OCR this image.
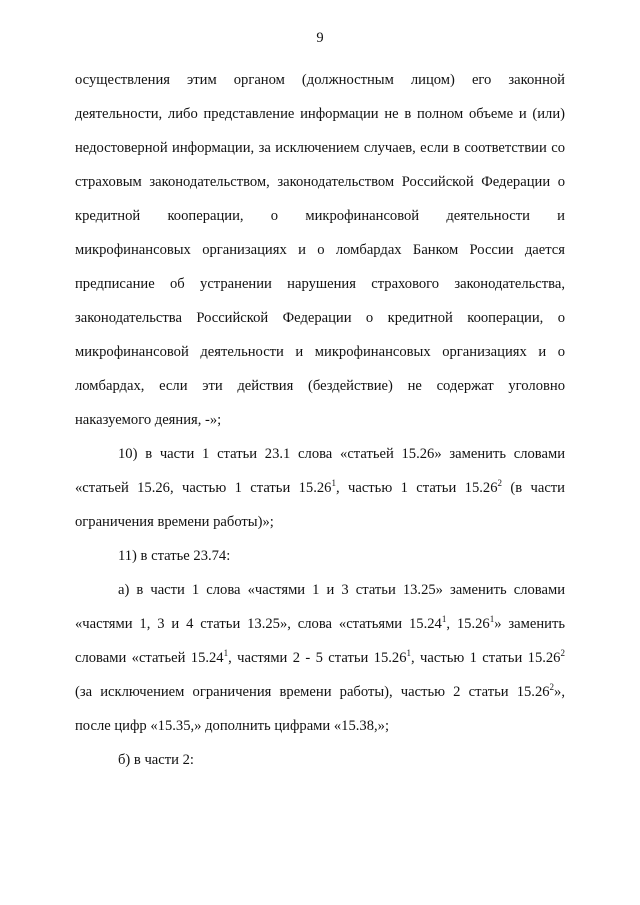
9

осуществления этим органом (должностным лицом) его законной деятельности, либо представление информации не в полном объеме и (или) недостоверной информации, за исключением случаев, если в соответствии со страховым законодательством, законодательством Российской Федерации о кредитной кооперации, о микрофинансовой деятельности и микрофинансовых организациях и о ломбардах Банком России дается предписание об устранении нарушения страхового законодательства, законодательства Российской Федерации о кредитной кооперации, о микрофинансовой деятельности и микрофинансовых организациях и о ломбардах, если эти действия (бездействие) не содержат уголовно наказуемого деяния, -»;

10) в части 1 статьи 23.1 слова «статьей 15.26» заменить словами «статьей 15.26, частью 1 статьи 15.26$^1$, частью 1 статьи 15.26$^2$ (в части ограничения времени работы)»;

11) в статье 23.74:

а) в части 1 слова «частями 1 и 3 статьи 13.25» заменить словами «частями 1, 3 и 4 статьи 13.25», слова «статьями 15.24$^1$, 15.26$^1$» заменить словами «статьей 15.24$^1$, частями 2 - 5 статьи 15.26$^1$, частью 1 статьи 15.26$^2$ (за исключением ограничения времени работы), частью 2 статьи 15.26$^2$», после цифр «15.35,» дополнить цифрами «15.38,»;

б) в части 2:
